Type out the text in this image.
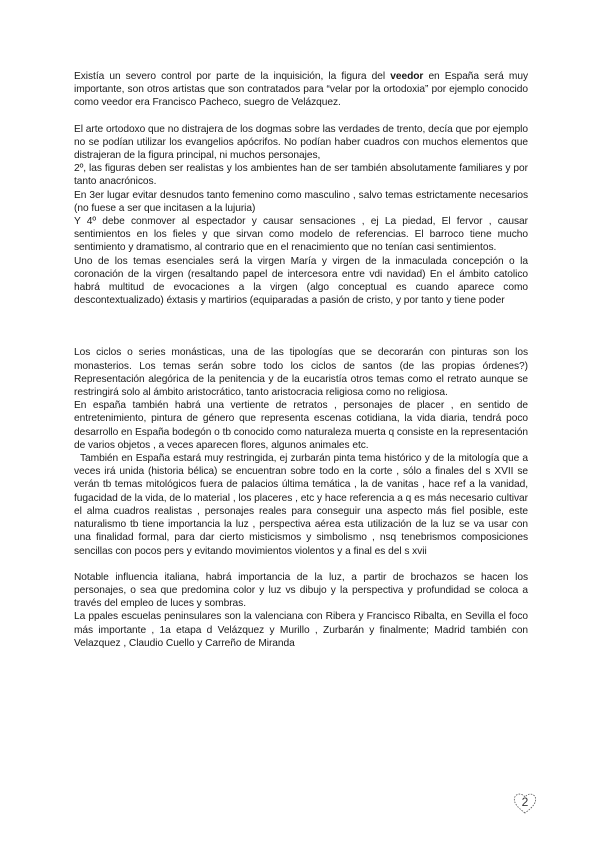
Existía un severo control por parte de la inquisición, la figura del veedor en España será muy importante, son otros artistas que son contratados para “velar por la ortodoxia” por ejemplo conocido como veedor era Francisco Pacheco, suegro de Velázquez.

El arte ortodoxo que no distrajera de los dogmas sobre las verdades de trento, decía que por ejemplo no se podían utilizar los evangelios apócrifos. No podían haber cuadros con muchos elementos que distrajeran de la figura principal, ni muchos personajes,

2º, las figuras deben ser realistas y los ambientes han de ser también absolutamente familiares y por tanto anacrónicos.

En 3er lugar evitar desnudos tanto femenino como masculino , salvo temas estrictamente necesarios (no fuese a ser que incitasen a la lujuria)

Y 4º debe conmover al espectador y causar sensaciones , ej La piedad, El fervor , causar sentimientos en los fieles y que sirvan como modelo de referencias. El barroco tiene mucho sentimiento y dramatismo, al contrario que en el renacimiento que no tenían casi sentimientos.

Uno de los temas esenciales será la virgen María y virgen de la inmaculada concepción o la coronación de la virgen (resaltando papel de intercesora entre vdi navidad) En el ámbito catolico habrá multitud de evocaciones a la virgen (algo conceptual es cuando aparece como descontextualizado) éxtasis y martirios (equiparadas a pasión de cristo, y por tanto y tiene poder

Los ciclos o series monásticas, una de las tipologías que se decorarán con pinturas son los monasterios. Los temas serán sobre todo los ciclos de santos (de las propias órdenes?) Representación alegórica de la penitencia y de la eucaristía otros temas como el retrato aunque se restringirá solo al ámbito aristocrático, tanto aristocracia religiosa como no religiosa.

En españa también habrá una vertiente de retratos , personajes de placer , en sentido de entretenimiento, pintura de género que representa escenas cotidiana, la vida diaria, tendrá poco desarrollo en España bodegón o tb conocido como naturaleza muerta q consiste en la representación de varios objetos , a veces aparecen flores, algunos animales etc.

También en España estará muy restringida, ej zurbarán pinta tema histórico y de la mitología que a veces irá unida (historia bélica) se encuentran sobre todo en la corte , sólo a finales del s XVII se verán tb temas mitológicos fuera de palacios última temática , la de vanitas , hace ref a la vanidad, fugacidad de la vida, de lo material , los placeres , etc y hace referencia a q es más necesario cultivar el alma cuadros realistas , personajes reales para conseguir una aspecto más fiel posible, este naturalismo tb tiene importancia la luz , perspectiva aérea esta utilización de la luz se va usar con una finalidad formal, para dar cierto misticismos y simbolismo , nsq tenebrismos composiciones sencillas con pocos pers y evitando movimientos violentos y a final es del s xvii

Notable influencia italiana, habrá importancia de la luz, a partir de brochazos se hacen los personajes, o sea que predomina color y luz vs dibujo y la perspectiva y profundidad se coloca a través del empleo de luces y sombras.

La ppales escuelas peninsulares son la valenciana con Ribera y Francisco Ribalta, en Sevilla el foco más importante , 1a etapa d Velázquez y Murillo , Zurbarán y finalmente; Madrid también con Velazquez , Claudio Cuello y Carreño de Miranda

2
